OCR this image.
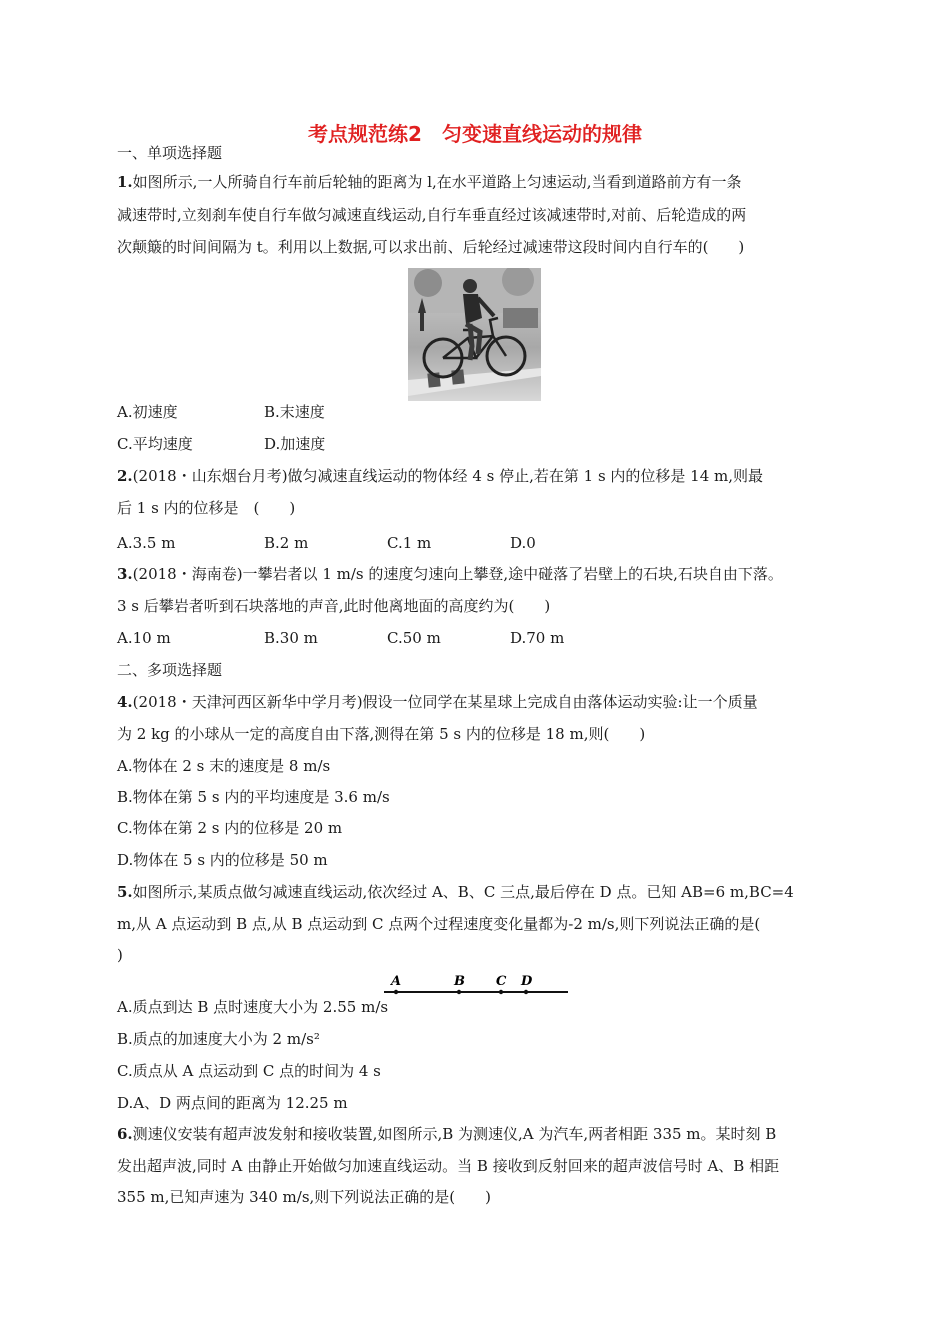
考点规范练2　匀变速直线运动的规律
一、单项选择题
1.如图所示,一人所骑自行车前后轮轴的距离为 l,在水平道路上匀速运动,当看到道路前方有一条
减速带时,立刻刹车使自行车做匀减速直线运动,自行车垂直经过该减速带时,对前、后轮造成的两
次颠簸的时间间隔为 t。利用以上数据,可以求出前、后轮经过减速带这段时间内自行车的(　　)
A.初速度	B.末速度
C.平均速度	D.加速度
2.(2018・山东烟台月考)做匀减速直线运动的物体经 4 s 停止,若在第 1 s 内的位移是 14 m,则最
后 1 s 内的位移是　(　　)
A.3.5 m	B.2 m	C.1 m	D.0
3.(2018・海南卷)一攀岩者以 1 m/s 的速度匀速向上攀登,途中碰落了岩壁上的石块,石块自由下落。
3 s 后攀岩者听到石块落地的声音,此时他离地面的高度约为(　　)
A.10 m	B.30 m	C.50 m	D.70 m
二、多项选择题
4.(2018・天津河西区新华中学月考)假设一位同学在某星球上完成自由落体运动实验:让一个质量
为 2 kg 的小球从一定的高度自由下落,测得在第 5 s 内的位移是 18 m,则(　　)
A.物体在 2 s 末的速度是 8 m/s
B.物体在第 5 s 内的平均速度是 3.6 m/s
C.物体在第 2 s 内的位移是 20 m
D.物体在 5 s 内的位移是 50 m
5.如图所示,某质点做匀减速直线运动,依次经过 A、B、C 三点,最后停在 D 点。已知 AB=6 m,BC=4
m,从 A 点运动到 B 点,从 B 点运动到 C 点两个过程速度变化量都为-2 m/s,则下列说法正确的是(
)
A	B C D
A.质点到达 B 点时速度大小为 2.55 m/s
B.质点的加速度大小为 2 m/s²
C.质点从 A 点运动到 C 点的时间为 4 s
D.A、D 两点间的距离为 12.25 m
6.测速仪安装有超声波发射和接收装置,如图所示,B 为测速仪,A 为汽车,两者相距 335 m。某时刻 B
发出超声波,同时 A 由静止开始做匀加速直线运动。当 B 接收到反射回来的超声波信号时 A、B 相距
355 m,已知声速为 340 m/s,则下列说法正确的是(　　)
